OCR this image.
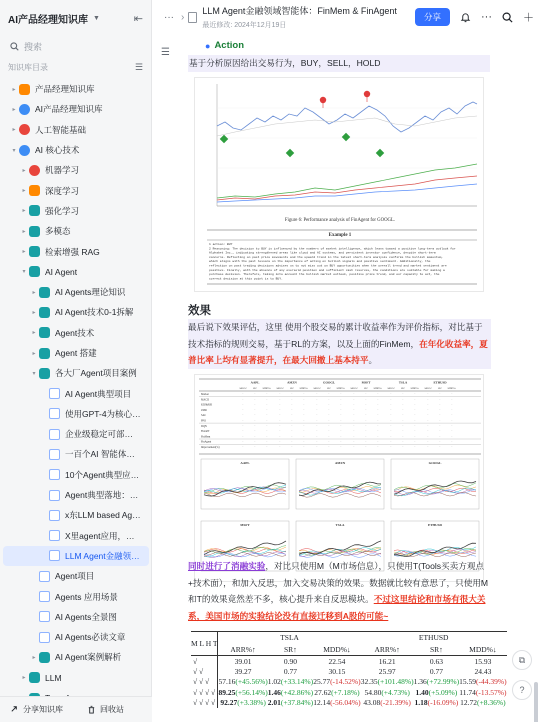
AI产品经理知识库 ▼	⇤
搜索
知识库目录	☰
▸	产品经理知识库
▸	AI产品经理知识库
▸	人工智能基础
▾	AI 核心技术
▸	机器学习
▸	深度学习
▸	强化学习
▸	多模态
▸	检索增强 RAG
▾	AI Agent
▸	AI Agents理论知识
▸	AI Agent技术0-1拆解
▸	Agent技术
▸	Agent 搭建
▾	各大厂Agent项目案例
AI Agent典型项目
使用GPT-4为核心…
企业级稳定可部…
一百个AI 智能体…
10个Agent典型应…
Agent典型落地：…
x东LLM based Ag…
X里agent应用，…
LLM Agent金融领…
Agent项目
Agents 应用场景
AI Agents全景图
AI Agents必读文章
▸	AI Agent案例解析
▸	LLM
分享知识库	回收站
··· ›
LLM Agent金融领域智能体：FinMem & FinAgent
最近修改: 2024年12月19日
分享	···	＋
☰
● Action
基于分析原因给出交易行为，BUY，SELL，HOLD
Figure 6: Performance analysis of FinAgent for GOOGL.
Example 1
1 action: BUY
2 Reasoning: The decision to BUY is influenced by the numbers of market intelligence, which leans toward a positive long-term outlook for
Alphabet Inc., indicating strengthened areas like cloud and AI systems, and persistent investor confidence, despite short-term
concerns. Reflecting on past price movements and the upward trend in the latest short-term analysis confirms the bullish momentum,
which aligns with the past lessons on the importance of acting on bullish signals and positive sentiment. Additionally, the
reflection on past trading decisions advises us to not miss out on BUY opportunities when the overall trend and market sentiment are
positive. Finally, with the absence of any oversold position and sufficient cash reserves, the conditions are suitable for making a
purchase decision. Therefore, taking into account the bullish market outlook, positive price trend, and our capacity to act, the
correct decision at this point is to BUY.
效果
最后说下效果评估，这里 使用个股交易的累计收益率作为评价指标，对比基于技术指标的规则交易，基于RL的方案，以及上面的FinMem，在年化收益率，夏普比率上均有显著提升，在最大回撤上基本持平。
AAPL
ARR%↑ SR↑ MDD%↓
AMZN
ARR%↑ SR↑ MDD%↓
GOOGL
ARR%↑ SR↑ MDD%↓
MSFT
ARR%↑ SR↑ MDD%↓
TSLA
ARR%↑ SR↑ MDD%↓
ETHUSD
ARR%↑ SR↑ MDD%↓
Market	·	·	·	·	·	·	·	·	·	·	·	·	·	·	·	·	·	·
MACD	·	·	·	·	·	·	·	·	·	·	·	·	·	·	·	·	·	·
KDJ&RSI	·	·	·	·	·	·	·	·	·	·	·	·	·	·	·	·	·	·
ZMR	·	·	·	·	·	·	·	·	·	·	·	·	·	·	·	·	·	·
SAC	·	·	·	·	·	·	·	·	·	·	·	·	·	·	·	·	·	·
PPO	·	·	·	·	·	·	·	·	·	·	·	·	·	·	·	·	·	·
DQN	·	·	·	·	·	·	·	·	·	·	·	·	·	·	·	·	·	·
FinGPT	·	·	·	·	·	·	·	·	·	·	·	·	·	·	·	·	·	·
FinMem	·	·	·	·	·	·	·	·	·	·	·	·	·	·	·	·	·	·
FinAgent	·	·	·	·	·	·	·	·	·	·	·	·	·	·	·	·	·	·
Improvement(%)	·	·	·	·	·	·	·	·	·	·	·	·	·	·	·	·	·	·
AAPL	AMZN	GOOGL
MSFT	TSLA	ETHUSD
同时进行了消融实验，对比只使用M（M市场信息），只使用T(Tools买卖方观点+技术面），和加入反思，加入交易决策的效果。数据就比较有意思了，只使用M和T的效果竟然差不多，核心提升来自反思模块。不过这里结论和市场有很大关系，美国市场的实验结论没有直接迁移到A股的可能~
M L H T	TSLA			ETHUSD		
	ARR%↑	SR↑	MDD%↓	ARR%↑	SR↑	MDD%↓
√	39.01	0.90	22.54	16.21	0.63	15.93
√ √	39.27	0.77	30.15	25.97	0.77	24.43
√ √ √	57.16(+45.56%)	1.02(+33.14%)	25.77(-14.52%)	32.35(+101.48%)	1.36(+72.99%)	15.59(-44.39%)
√ √ √ √	89.25(+56.14%)	1.46(+42.86%)	27.62(+7.18%)	54.80(+4.73%)	1.40(+5.09%)	11.74(-13.57%)
√ √ √ √	92.27(+3.38%)	2.01(+37.84%)	12.14(-56.04%)	43.08(-21.39%)	1.18(-16.09%)	12.72(+8.36%)
⧉
?
